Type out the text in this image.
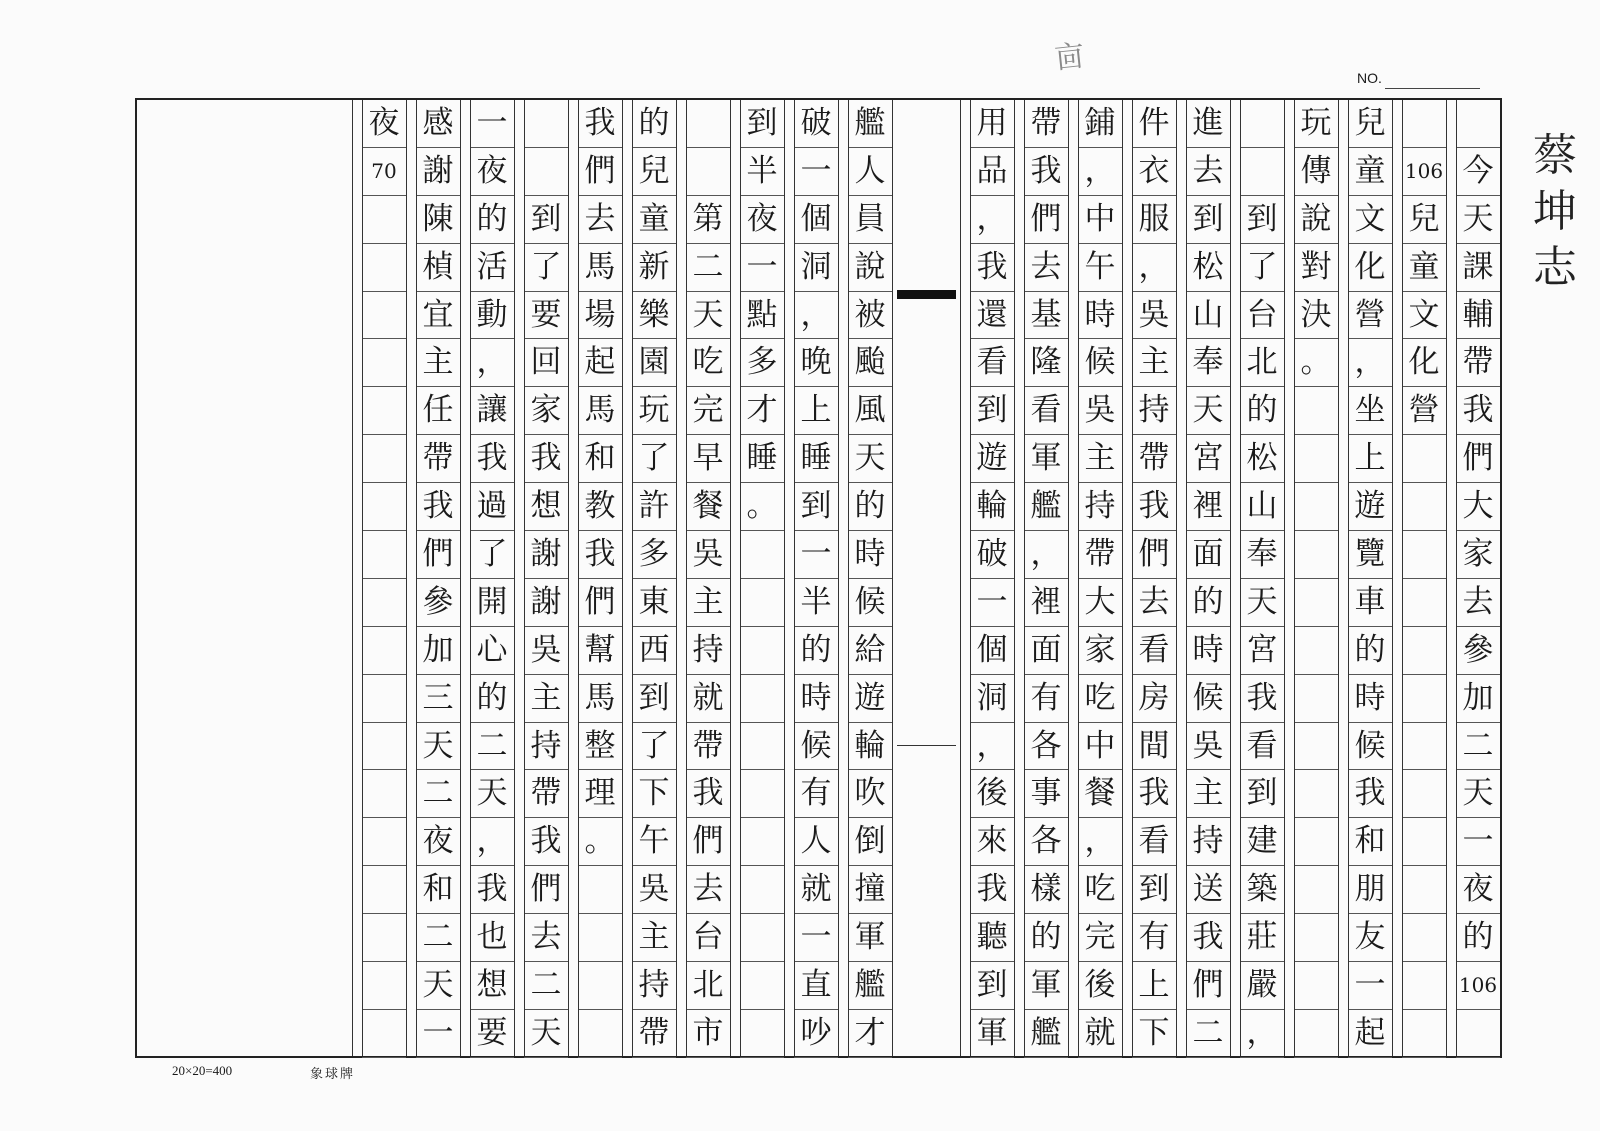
㐭
NO.
蔡
坤
志
今
天
課
輔
帶
我
們
大
家
去
參
加
二
天
一
夜
的
106
106
兒
童
文
化
營
兒
童
文
化
營
，
坐
上
遊
覽
車
的
時
候
我
和
朋
友
一
起
玩
傳
說
對
決
。
到
了
台
北
的
松
山
奉
天
宮
我
看
到
建
築
莊
嚴
，
進
去
到
松
山
奉
天
宮
裡
面
的
時
候
吳
主
持
送
我
們
二
件
衣
服
，
吳
主
持
帶
我
們
去
看
房
間
我
看
到
有
上
下
鋪
，
中
午
時
候
吳
主
持
帶
大
家
吃
中
餐
，
吃
完
後
就
帶
我
們
去
基
隆
看
軍
艦
，
裡
面
有
各
事
各
樣
的
軍
艦
用
品
，
我
還
看
到
遊
輪
破
一
個
洞
，
後
來
我
聽
到
軍
艦
人
員
說
被
颱
風
天
的
時
候
給
遊
輪
吹
倒
撞
軍
艦
才
破
一
個
洞
，
晚
上
睡
到
一
半
的
時
候
有
人
就
一
直
吵
到
半
夜
一
點
多
才
睡
。
第
二
天
吃
完
早
餐
吳
主
持
就
帶
我
們
去
台
北
市
的
兒
童
新
樂
園
玩
了
許
多
東
西
到
了
下
午
吳
主
持
帶
我
們
去
馬
場
起
馬
和
教
我
們
幫
馬
整
理
。
到
了
要
回
家
我
想
謝
謝
吳
主
持
帶
我
們
去
二
天
一
夜
的
活
動
，
讓
我
過
了
開
心
的
二
天
，
我
也
想
要
感
謝
陳
楨
宜
主
任
帶
我
們
參
加
三
天
二
夜
和
二
天
一
夜
70
20×20=400	象球牌
